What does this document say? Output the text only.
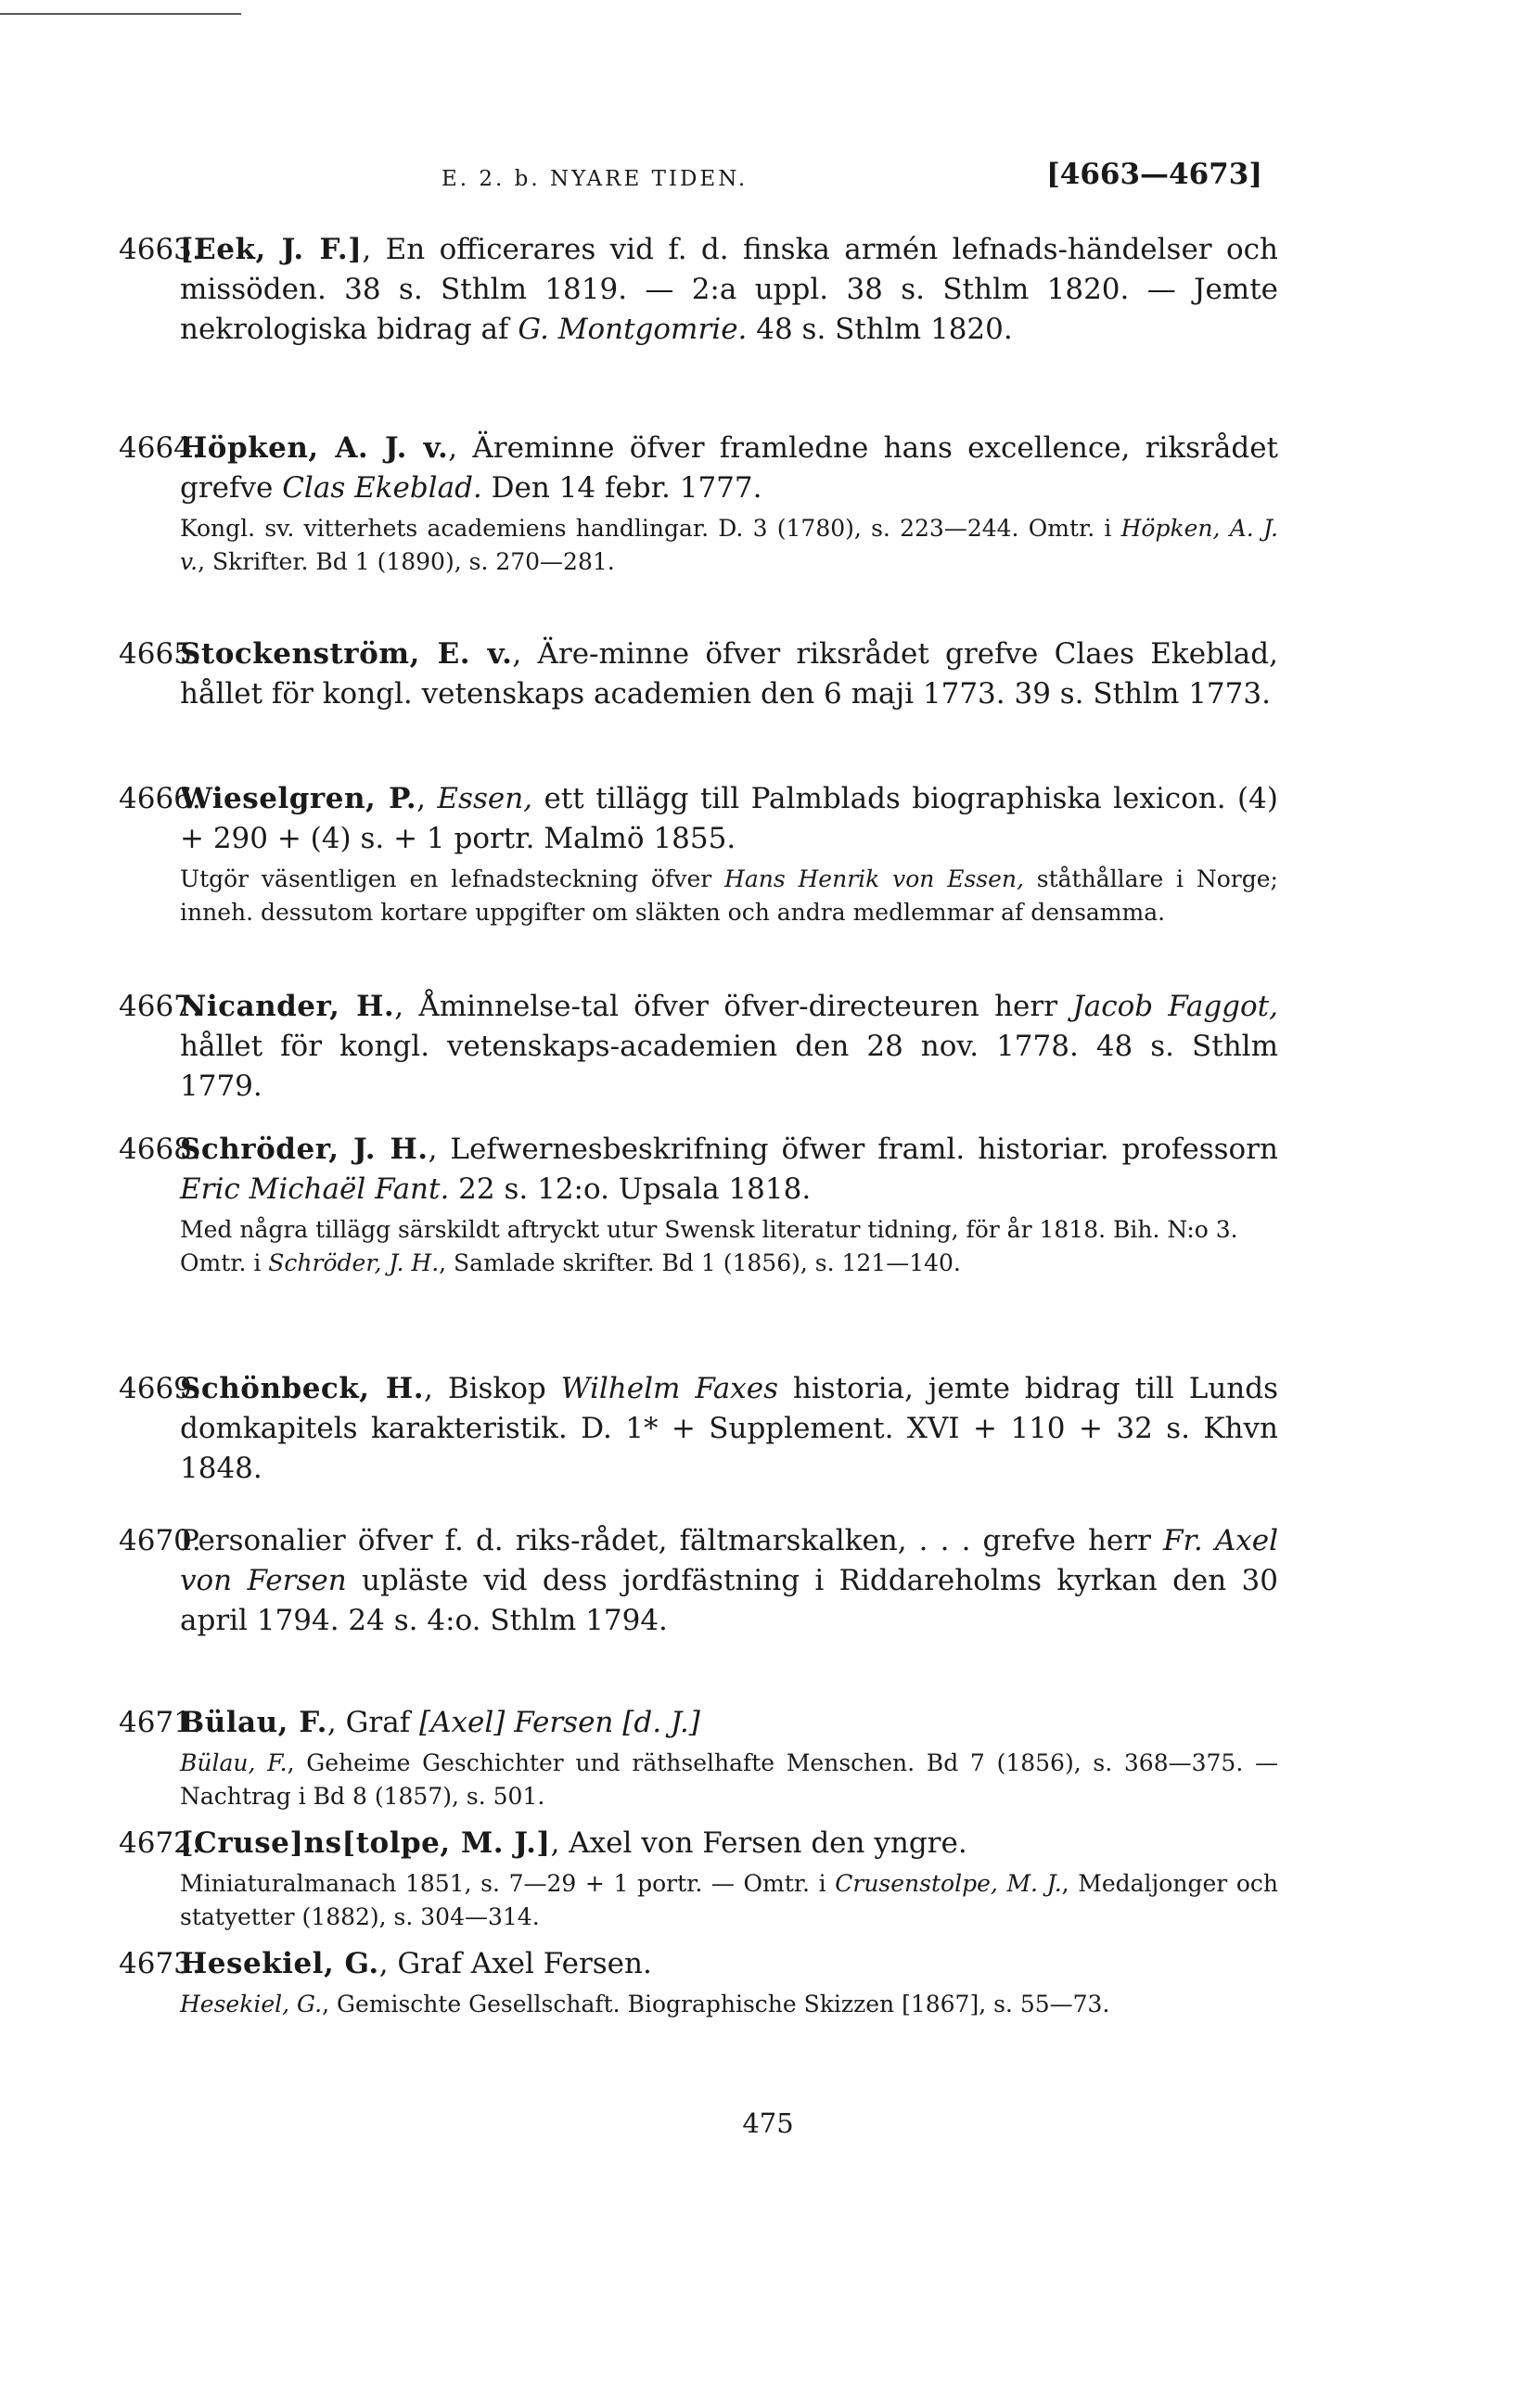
E. 2. b. NYARE TIDEN.	[4663—4673]
4663.
[Eek, J. F.], En officerares vid f. d. finska armén lefnads-händelser och missöden. 38 s. Sthlm 1819. — 2:a uppl. 38 s. Sthlm 1820. — Jemte nekrologiska bidrag af G. Montgomrie. 48 s. Sthlm 1820.
4664.
Höpken, A. J. v., Äreminne öfver framledne hans excellence, riksrådet grefve Clas Ekeblad. Den 14 febr. 1777.
Kongl. sv. vitterhets academiens handlingar. D. 3 (1780), s. 223—244. Omtr. i Höpken, A. J. v., Skrifter. Bd 1 (1890), s. 270—281.
4665.
Stockenström, E. v., Äre-minne öfver riksrådet grefve Claes Ekeblad, hållet för kongl. vetenskaps academien den 6 maji 1773. 39 s. Sthlm 1773.
4666.
Wieselgren, P., Essen, ett tillägg till Palmblads biographiska lexicon. (4) + 290 + (4) s. + 1 portr. Malmö 1855.
Utgör väsentligen en lefnadsteckning öfver Hans Henrik von Essen, ståthållare i Norge; inneh. dessutom kortare uppgifter om släkten och andra medlemmar af densamma.
4667.
Nicander, H., Åminnelse-tal öfver öfver-directeuren herr Jacob Faggot, hållet för kongl. vetenskaps-academien den 28 nov. 1778. 48 s. Sthlm 1779.
4668.
Schröder, J. H., Lefwernesbeskrifning öfwer framl. historiar. professorn Eric Michaël Fant. 22 s. 12:o. Upsala 1818.
Med några tillägg särskildt aftryckt utur Swensk literatur tidning, för år 1818. Bih. N:o 3.
Omtr. i Schröder, J. H., Samlade skrifter. Bd 1 (1856), s. 121—140.
4669.
Schönbeck, H., Biskop Wilhelm Faxes historia, jemte bidrag till Lunds domkapitels karakteristik. D. 1* + Supplement. XVI + 110 + 32 s. Khvn 1848.
4670.
Personalier öfver f. d. riks-rådet, fältmarskalken, . . . grefve herr Fr. Axel von Fersen upläste vid dess jordfästning i Riddareholms kyrkan den 30 april 1794. 24 s. 4:o. Sthlm 1794.
4671.
Bülau, F., Graf [Axel] Fersen [d. J.]
Bülau, F., Geheime Geschichter und räthselhafte Menschen. Bd 7 (1856), s. 368—375. — Nachtrag i Bd 8 (1857), s. 501.
4672.
[Cruse]ns[tolpe, M. J.], Axel von Fersen den yngre.
Miniaturalmanach 1851, s. 7—29 + 1 portr. — Omtr. i Crusenstolpe, M. J., Medaljonger och statyetter (1882), s. 304—314.
4673.
Hesekiel, G., Graf Axel Fersen.
Hesekiel, G., Gemischte Gesellschaft. Biographische Skizzen [1867], s. 55—73.
475
